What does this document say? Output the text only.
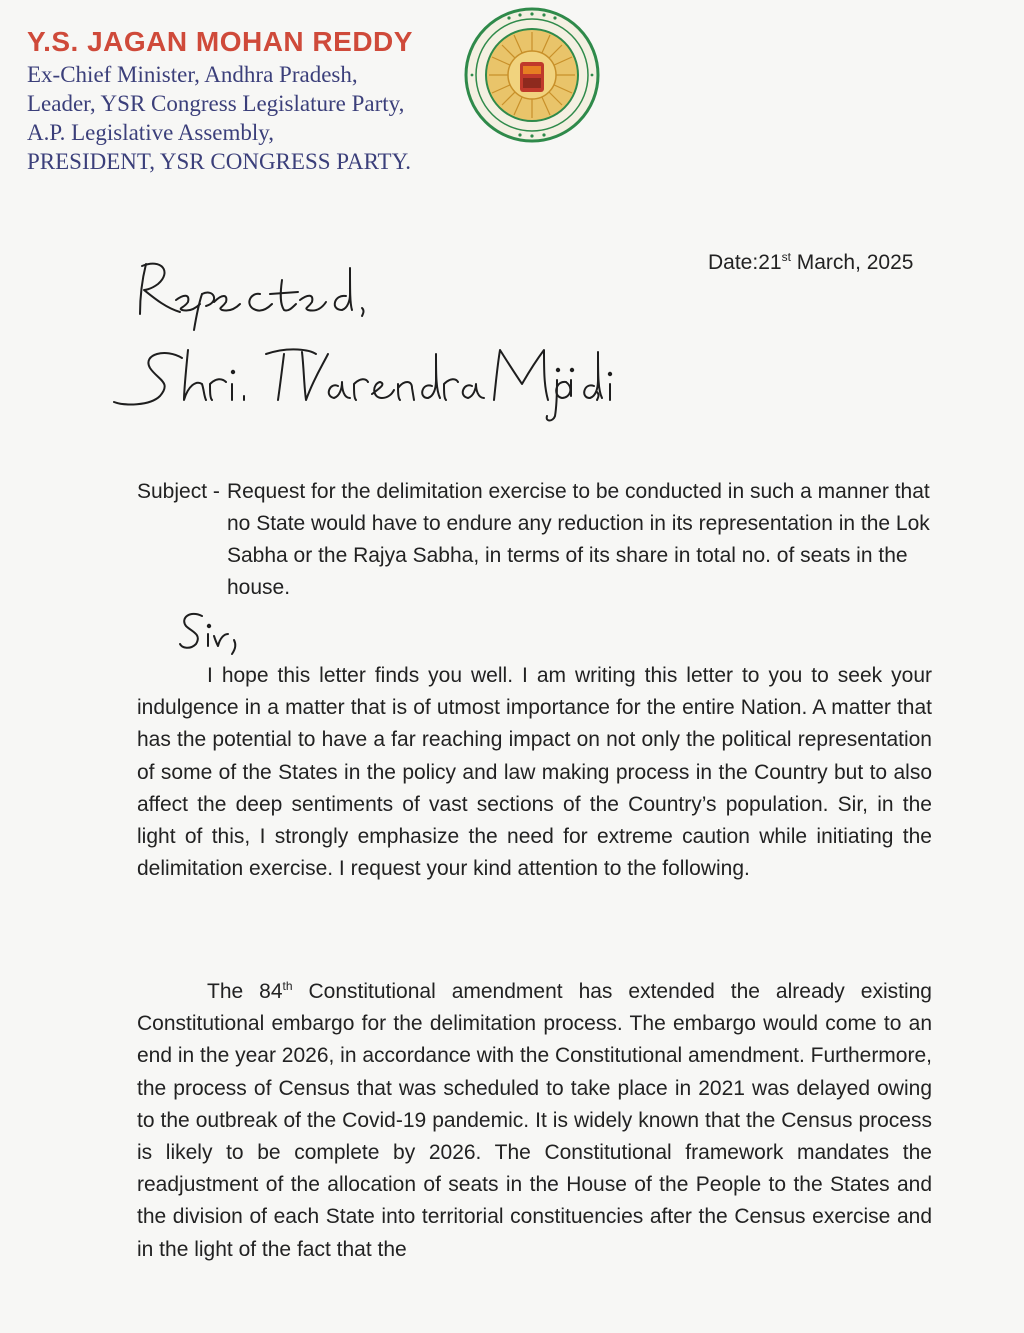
Y.S. JAGAN MOHAN REDDY

Ex-Chief Minister, Andhra Pradesh,

Leader, YSR Congress Legislature Party,

A.P. Legislative Assembly,

PRESIDENT, YSR CONGRESS PARTY.

Date:21st March, 2025
Subject - Request for the delimitation exercise to be conducted in such a manner that no State would have to endure any reduction in its representation in the Lok Sabha or the Rajya Sabha, in terms of its share in total no. of seats in the house.

I hope this letter finds you well. I am writing this letter to you to seek your indulgence in a matter that is of utmost importance for the entire Nation. A matter that has the potential to have a far reaching impact on not only the political representation of some of the States in the policy and law making process in the Country but to also affect the deep sentiments of vast sections of the Country’s population. Sir, in the light of this, I strongly emphasize the need for extreme caution while initiating the delimitation exercise. I request your kind attention to the following.

The 84th Constitutional amendment has extended the already existing Constitutional embargo for the delimitation process. The embargo would come to an end in the year 2026, in accordance with the Constitutional amendment. Furthermore, the process of Census that was scheduled to take place in 2021 was delayed owing to the outbreak of the Covid-19 pandemic. It is widely known that the Census process is likely to be complete by 2026. The Constitutional framework mandates the readjustment of the allocation of seats in the House of the People to the States and the division of each State into territorial constituencies after the Census exercise and in the light of the fact that the
